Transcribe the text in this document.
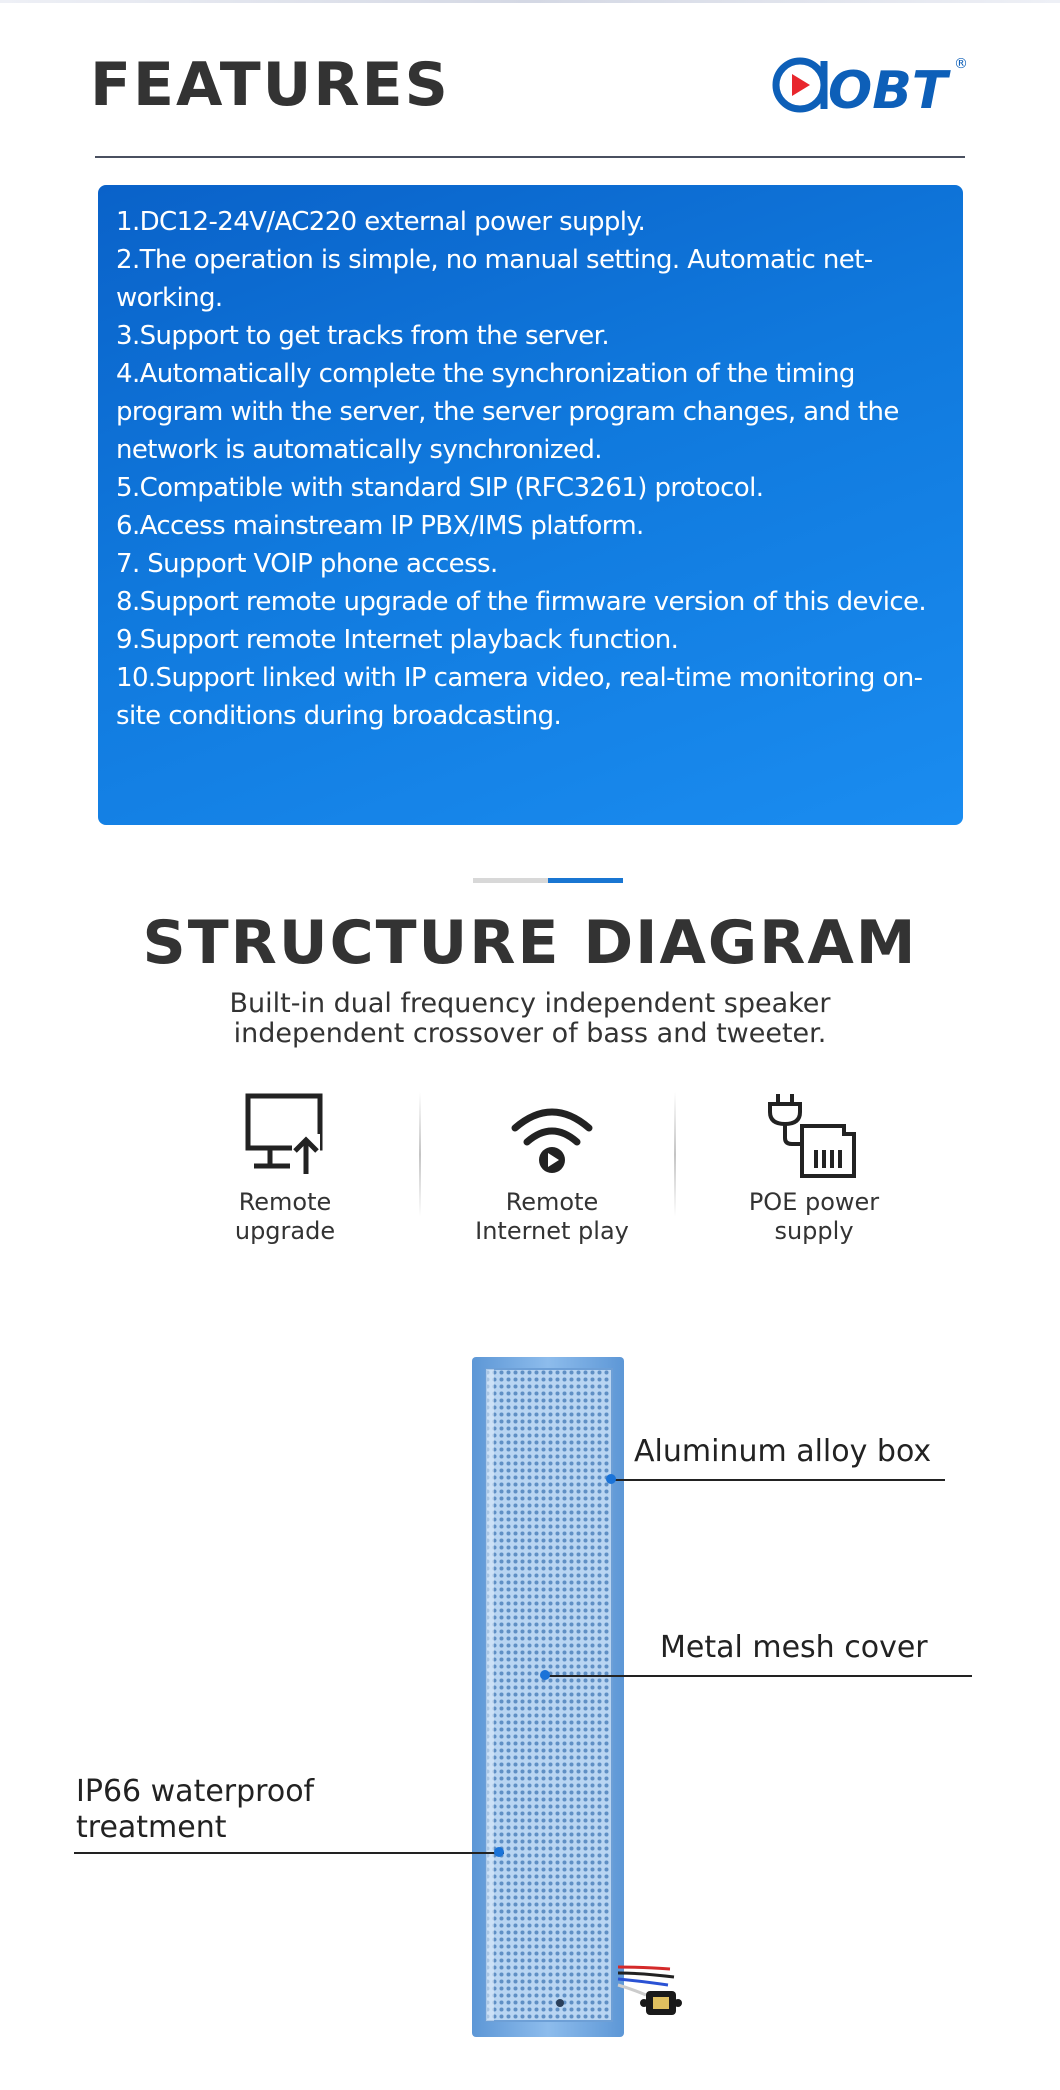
FEATURES	OBT ®
1.DC12-24V/AC220 external power supply.
2.The operation is simple, no manual setting. Automatic net-working.
3.Support to get tracks from the server.
4.Automatically complete the synchronization of the timing program with the server, the server program changes, and the network is automatically synchronized.
5.Compatible with standard SIP (RFC3261) protocol.
6.Access mainstream IP PBX/IMS platform.
7. Support VOIP phone access.
8.Support remote upgrade of the firmware version of this device.
9.Support remote Internet playback function.
10.Support linked with IP camera video, real-time monitoring on-site conditions during broadcasting.
STRUCTURE DIAGRAM
Built-in dual frequency independent speaker
independent crossover of bass and tweeter.
Remote
upgrade
Remote
Internet play
POE power
supply
Aluminum alloy box
Metal mesh cover
IP66 waterproof
treatment
